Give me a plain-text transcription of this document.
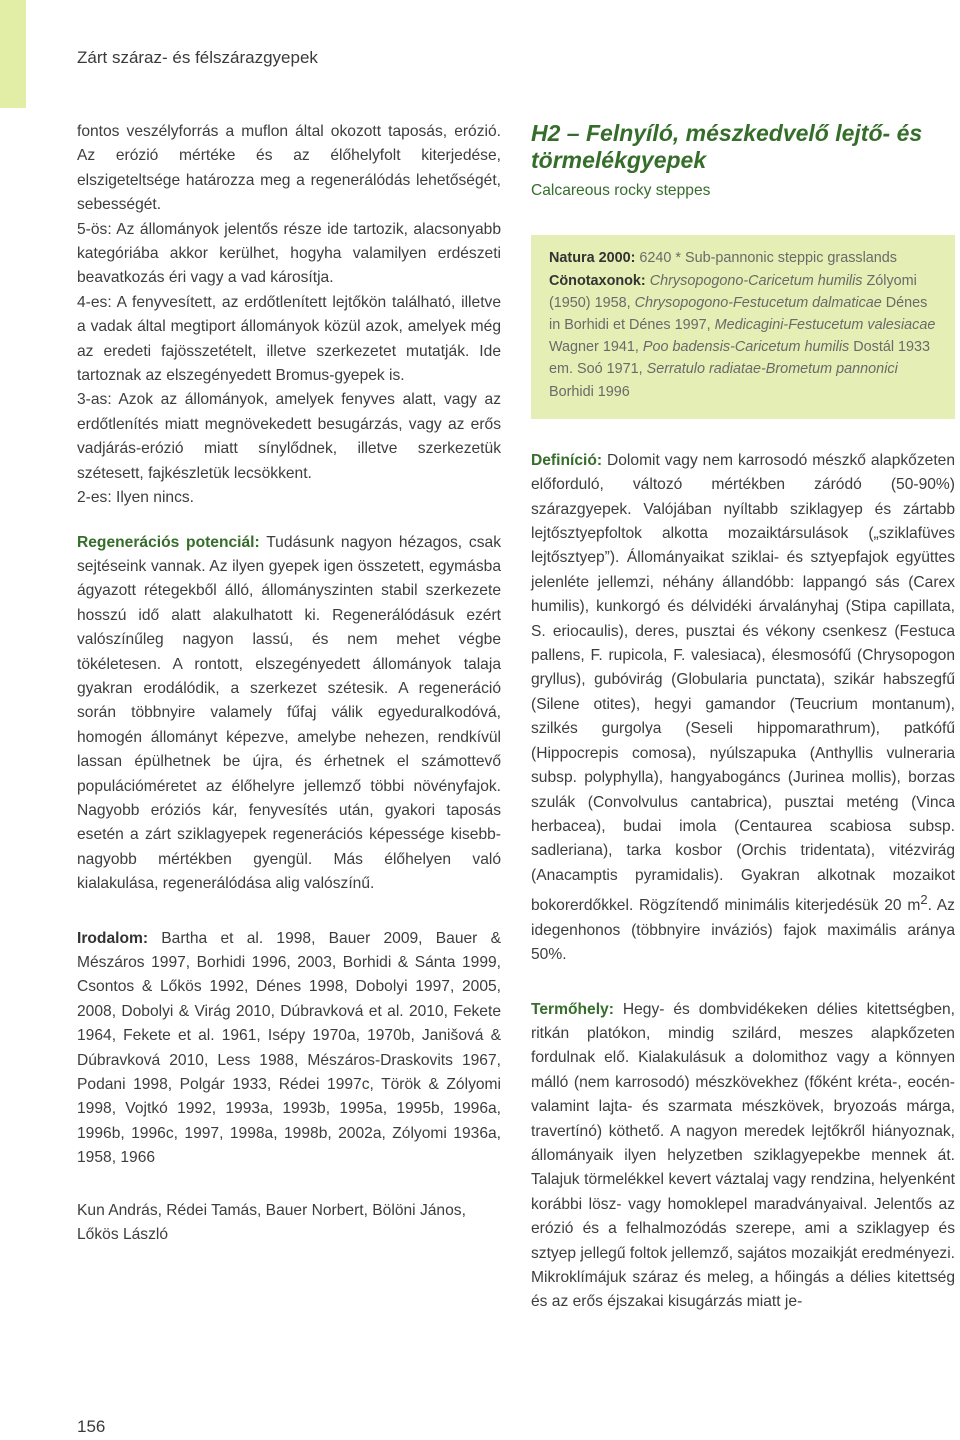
Zárt száraz- és félszárazgyepek

fontos veszélyforrás a muflon által okozott taposás, erózió. Az erózió mértéke és az élőhelyfolt kiterjedése, elszigeteltsége határozza meg a regenerálódás lehetőségét, sebességét.

5-ös: Az állományok jelentős része ide tartozik, alacsonyabb kategóriába akkor kerülhet, hogyha valamilyen erdészeti beavatkozás éri vagy a vad károsítja.

4-es: A fenyvesített, az erdőtlenített lejtőkön található, illetve a vadak által megtiport állományok közül azok, amelyek még az eredeti fajösszetételt, illetve szerkezetet mutatják. Ide tartoznak az elszegényedett Bromus-gyepek is.

3-as: Azok az állományok, amelyek fenyves alatt, vagy az erdőtlenítés miatt megnövekedett besugárzás, vagy az erős vadjárás-erózió miatt sínylődnek, illetve szerkezetük szétesett, fajkészletük lecsökkent.

2-es: Ilyen nincs.

Regenerációs potenciál: Tudásunk nagyon hézagos, csak sejtéseink vannak. Az ilyen gyepek igen összetett, egymásba ágyazott rétegekből álló, állományszinten stabil szerkezete hosszú idő alatt alakulhatott ki. Regenerálódásuk ezért valószínűleg nagyon lassú, és nem mehet végbe tökéletesen. A rontott, elszegényedett állományok talaja gyakran erodálódik, a szerkezet szétesik. A regeneráció során többnyire valamely fűfaj válik egyeduralkodóvá, homogén állományt képezve, amelybe nehezen, rendkívül lassan épülhetnek be újra, és érhetnek el számottevő populációméretet az élőhelyre jellemző többi növényfajok. Nagyobb eróziós kár, fenyvesítés után, gyakori taposás esetén a zárt sziklagyepek regenerációs képessége kisebb-nagyobb mértékben gyengül. Más élőhelyen való kialakulása, regenerálódása alig valószínű.

Irodalom: Bartha et al. 1998, Bauer 2009, Bauer & Mészáros 1997, Borhidi 1996, 2003, Borhidi & Sánta 1999, Csontos & Lőkös 1992, Dénes 1998, Dobolyi 1997, 2005, 2008, Dobolyi & Virág 2010, Dúbravková et al. 2010, Fekete 1964, Fekete et al. 1961, Isépy 1970a, 1970b, Janišová & Dúbravková 2010, Less 1988, Mészáros-Draskovits 1967, Podani 1998, Polgár 1933, Rédei 1997c, Török & Zólyomi 1998, Vojtkó 1992, 1993a, 1993b, 1995a, 1995b, 1996a, 1996b, 1996c, 1997, 1998a, 1998b, 2002a, Zólyomi 1936a, 1958, 1966

Kun András, Rédei Tamás, Bauer Norbert, Bölöni János, Lőkös László

H2 – Felnyíló, mészkedvelő lejtő- és törmelékgyepek
Calcareous rocky steppes
Natura 2000: 6240 * Sub-pannonic steppic grasslands
Cönotaxonok: Chrysopogono-Caricetum humilis Zólyomi (1950) 1958, Chrysopogono-Festucetum dalmaticae Dénes in Borhidi et Dénes 1997, Medicagini-Festucetum valesiacae Wagner 1941, Poo badensis-Caricetum humilis Dostál 1933 em. Soó 1971, Serratulo radiatae-Brometum pannonici Borhidi 1996

Definíció: Dolomit vagy nem karrosodó mészkő alapkőzeten előforduló, változó mértékben záródó (50-90%) szárazgyepek. Valójában nyíltabb sziklagyep és zártabb lejtősztyepfoltok alkotta mozaiktársulások („sziklafüves lejtősztyep”). Állományaikat sziklai- és sztyepfajok együttes jelenléte jellemzi, néhány állandóbb: lappangó sás (Carex humilis), kunkorgó és délvidéki árvalányhaj (Stipa capillata, S. eriocaulis), deres, pusztai és vékony csenkesz (Festuca pallens, F. rupicola, F. valesiaca), élesmosófű (Chrysopogon gryllus), gubóvirág (Globularia punctata), szikár habszegfű (Silene otites), hegyi gamandor (Teucrium montanum), szilkés gurgolya (Seseli hippomarathrum), patkófű (Hippocrepis comosa), nyúlszapuka (Anthyllis vulneraria subsp. polyphylla), hangyabogáncs (Jurinea mollis), borzas szulák (Convolvulus cantabrica), pusztai meténg (Vinca herbacea), budai imola (Centaurea scabiosa subsp. sadleriana), tarka kosbor (Orchis tridentata), vitézvirág (Anacamptis pyramidalis). Gyakran alkotnak mozaikot bokorerdőkkel. Rögzítendő minimális kiterjedésük 20 $m^2$. Az idegenhonos (többnyire inváziós) fajok maximális aránya 50%.

Termőhely: Hegy- és dombvidékeken délies kitettségben, ritkán platókon, mindig szilárd, meszes alapkőzeten fordulnak elő. Kialakulásuk a dolomithoz vagy a könnyen málló (nem karrosodó) mészkövekhez (főként kréta-, eocén- valamint lajta- és szarmata mészkövek, bryozoás márga, travertínó) köthető. A nagyon meredek lejtőkről hiányoznak, állományaik ilyen helyzetben sziklagyepekbe mennek át. Talajuk törmelékkel kevert váztalaj vagy rendzina, helyenként korábbi lösz- vagy homoklepel maradványaival. Jelentős az erózió és a felhalmozódás szerepe, ami a sziklagyep és sztyep jellegű foltok jellemző, sajátos mozaikját eredményezi. Mikroklímájuk száraz és meleg, a hőingás a délies kitettség és az erős éjszakai kisugárzás miatt je-

156
